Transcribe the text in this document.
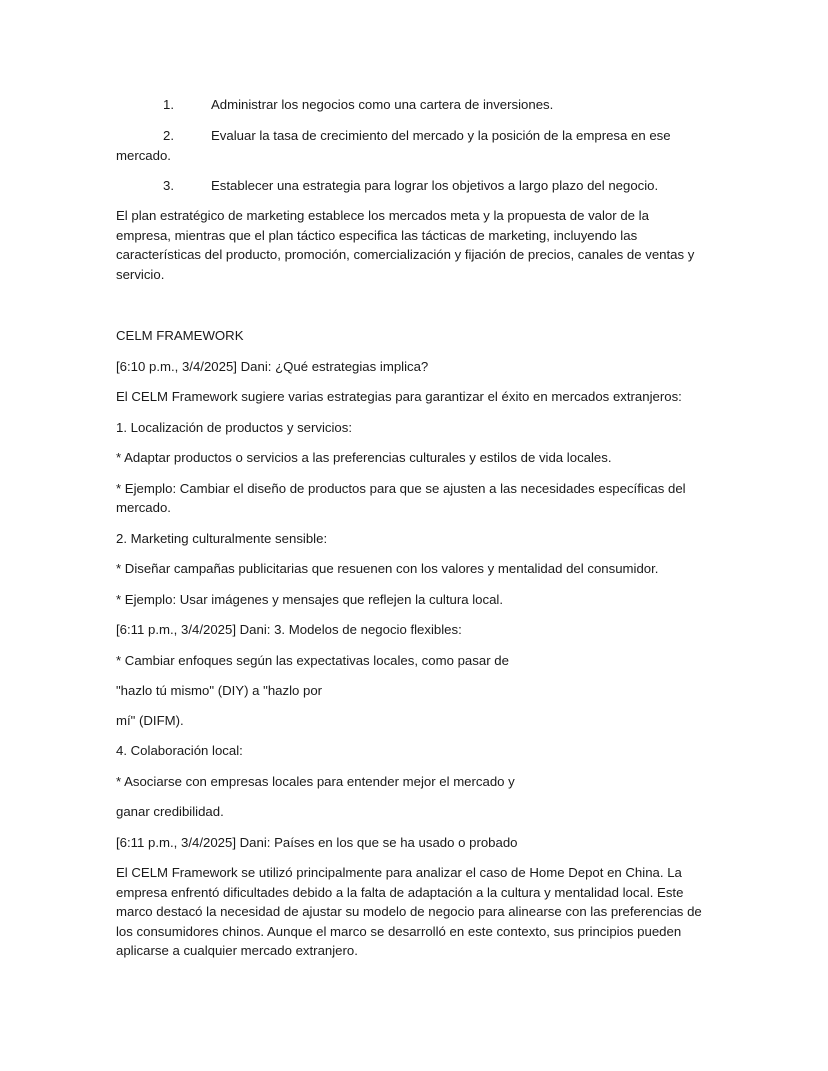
1.	Administrar los negocios como una cartera de inversiones.
2.	Evaluar la tasa de crecimiento del mercado y la posición de la empresa en ese
mercado.
3.	Establecer una estrategia para lograr los objetivos a largo plazo del negocio.
El plan estratégico de marketing establece los mercados meta y la propuesta de valor de la
empresa, mientras que el plan táctico especifica las tácticas de marketing, incluyendo las
características del producto, promoción, comercialización y fijación de precios, canales de ventas y
servicio.
CELM FRAMEWORK
[6:10 p.m., 3/4/2025] Dani: ¿Qué estrategias implica?
El CELM Framework sugiere varias estrategias para garantizar el éxito en mercados extranjeros:
1. Localización de productos y servicios:
* Adaptar productos o servicios a las preferencias culturales y estilos de vida locales.
* Ejemplo: Cambiar el diseño de productos para que se ajusten a las necesidades específicas del
mercado.
2. Marketing culturalmente sensible:
* Diseñar campañas publicitarias que resuenen con los valores y mentalidad del consumidor.
* Ejemplo: Usar imágenes y mensajes que reflejen la cultura local.
[6:11 p.m., 3/4/2025] Dani: 3. Modelos de negocio flexibles:
* Cambiar enfoques según las expectativas locales, como pasar de
"hazlo tú mismo" (DIY) a "hazlo por
mí" (DIFM).
4. Colaboración local:
* Asociarse con empresas locales para entender mejor el mercado y
ganar credibilidad.
[6:11 p.m., 3/4/2025] Dani: Países en los que se ha usado o probado
El CELM Framework se utilizó principalmente para analizar el caso de Home Depot en China. La
empresa enfrentó dificultades debido a la falta de adaptación a la cultura y mentalidad local. Este
marco destacó la necesidad de ajustar su modelo de negocio para alinearse con las preferencias de
los consumidores chinos. Aunque el marco se desarrolló en este contexto, sus principios pueden
aplicarse a cualquier mercado extranjero.
